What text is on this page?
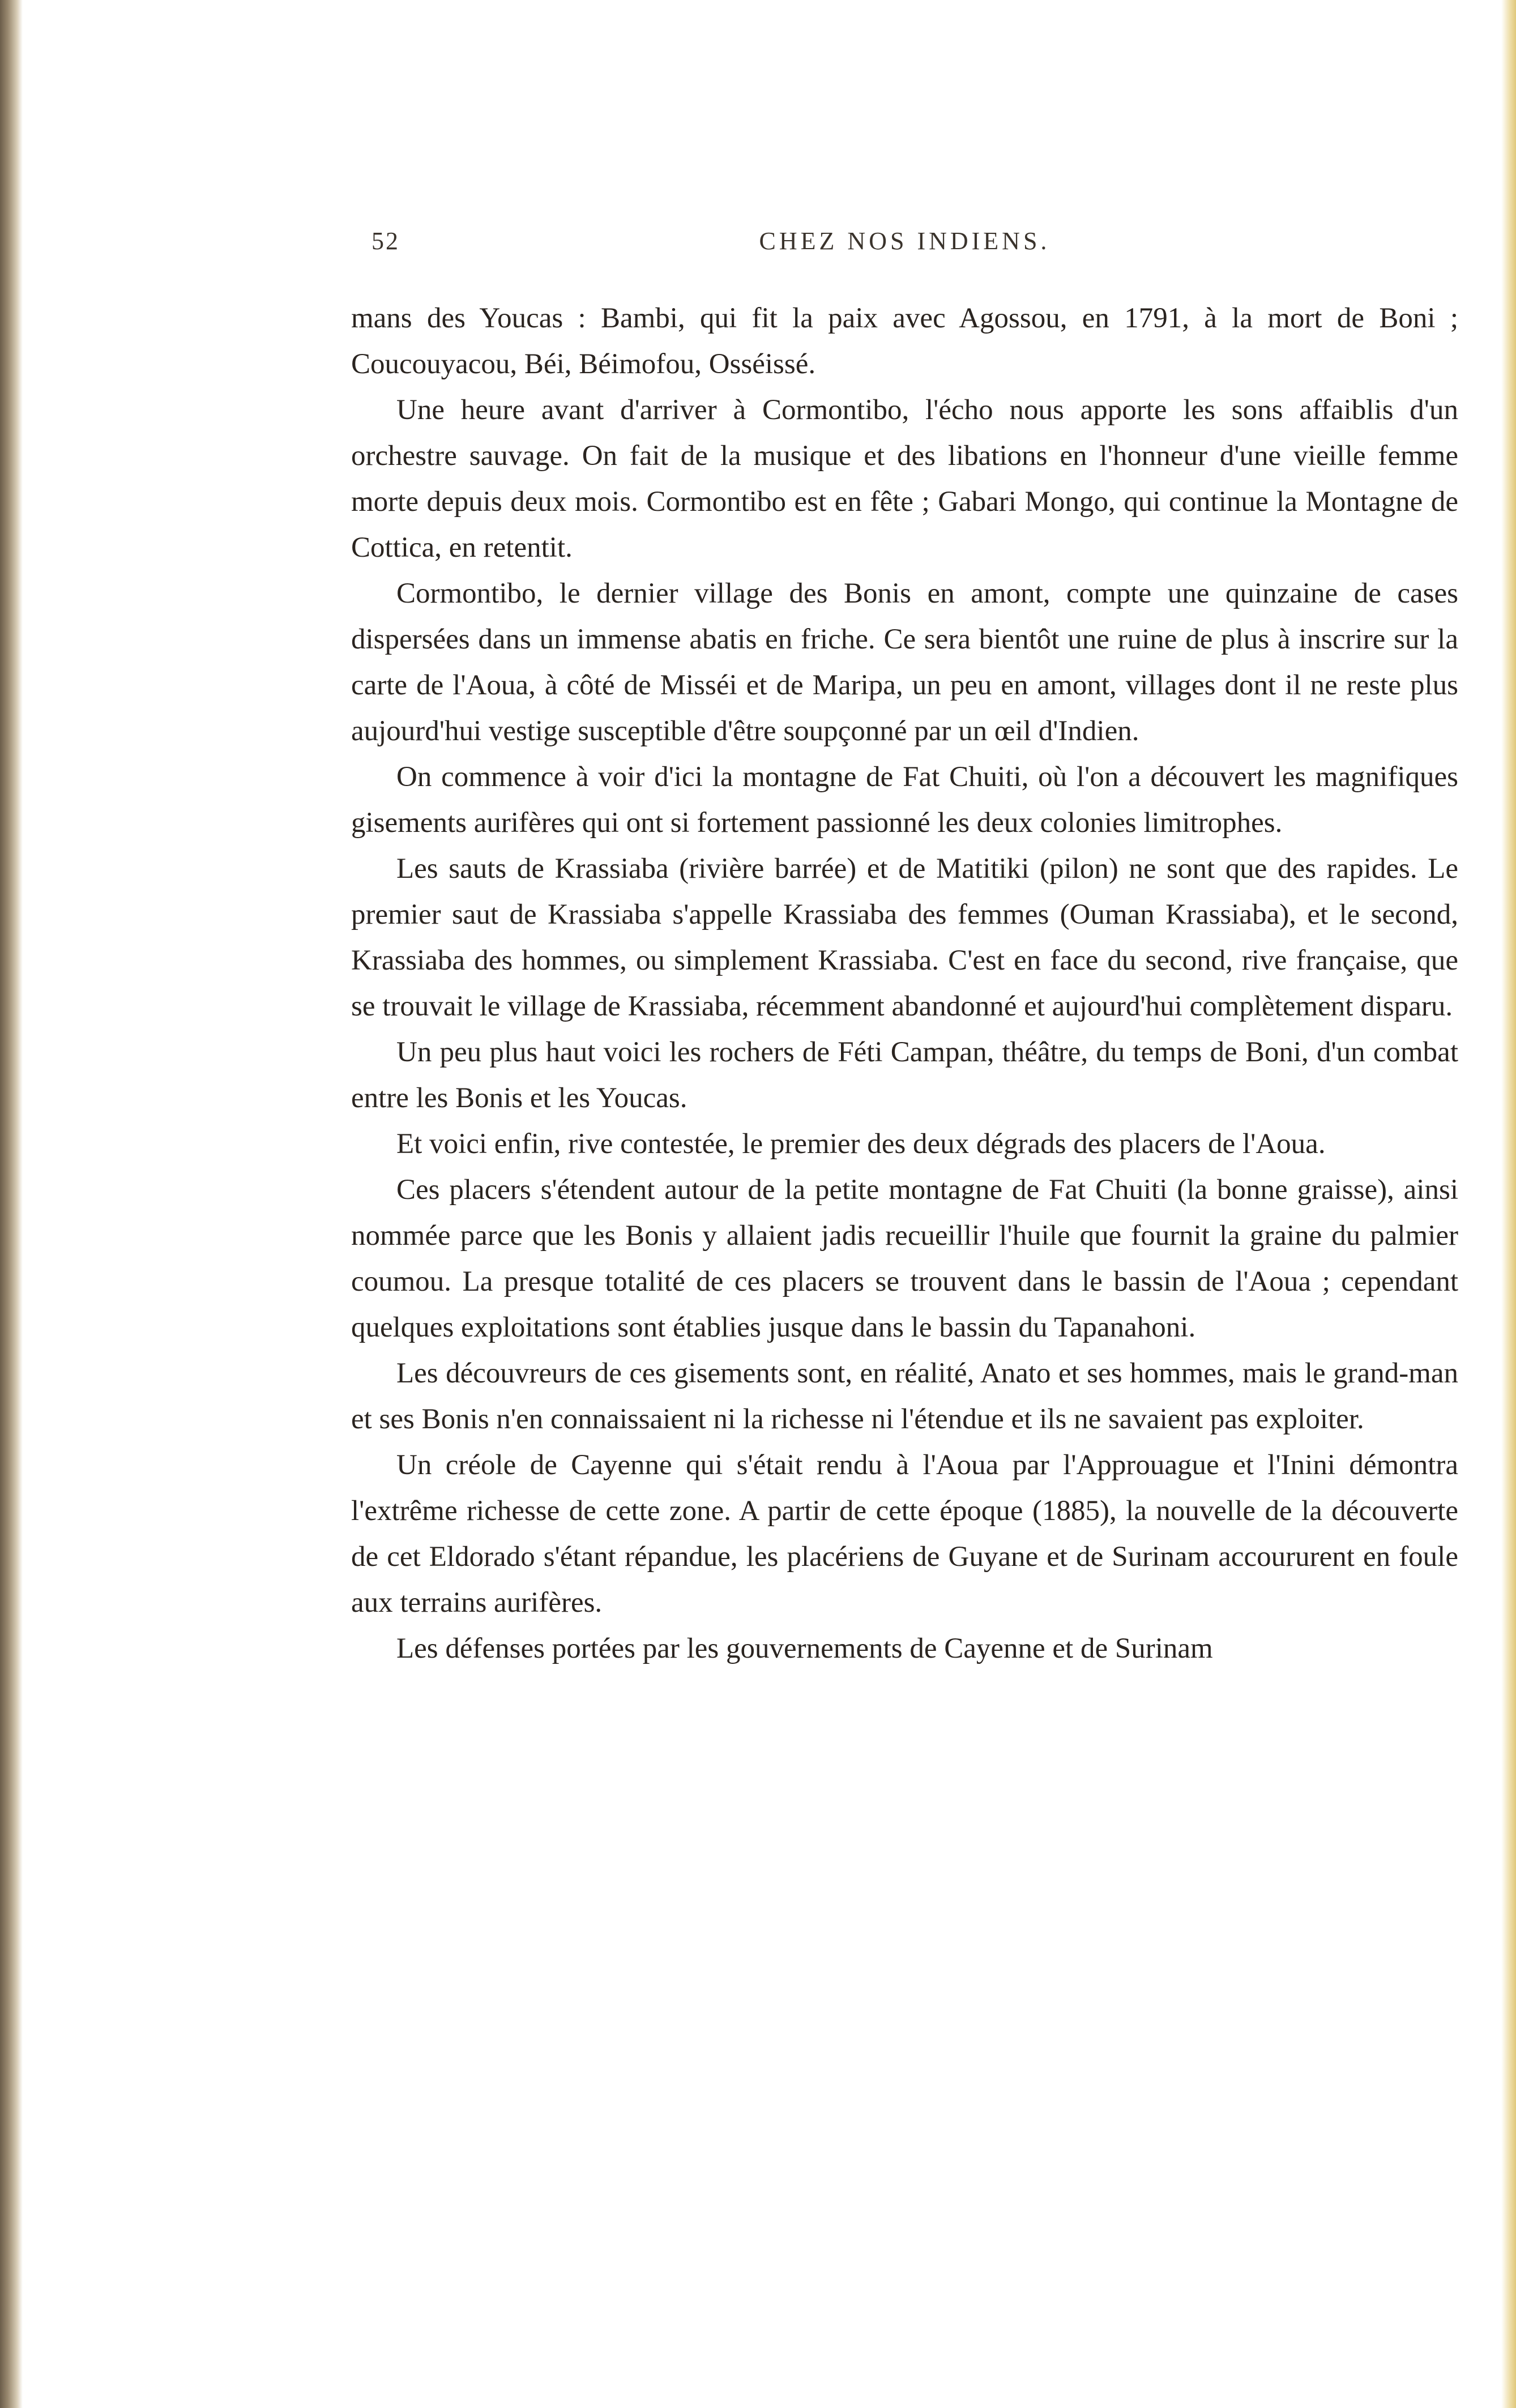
52	CHEZ NOS INDIENS.

mans des Youcas : Bambi, qui fit la paix avec Agossou, en 1791, à la mort de Boni ; Coucouyacou, Béi, Béimofou, Osséissé.

Une heure avant d'arriver à Cormontibo, l'écho nous apporte les sons affaiblis d'un orchestre sauvage. On fait de la musique et des libations en l'honneur d'une vieille femme morte depuis deux mois. Cormontibo est en fête ; Gabari Mongo, qui continue la Montagne de Cottica, en retentit.

Cormontibo, le dernier village des Bonis en amont, compte une quinzaine de cases dispersées dans un immense abatis en friche. Ce sera bientôt une ruine de plus à inscrire sur la carte de l'Aoua, à côté de Misséi et de Maripa, un peu en amont, villages dont il ne reste plus aujourd'hui vestige susceptible d'être soupçonné par un œil d'Indien.

On commence à voir d'ici la montagne de Fat Chuiti, où l'on a découvert les magnifiques gisements aurifères qui ont si fortement passionné les deux colonies limitrophes.

Les sauts de Krassiaba (rivière barrée) et de Matitiki (pilon) ne sont que des rapides. Le premier saut de Krassiaba s'appelle Krassiaba des femmes (Ouman Krassiaba), et le second, Krassiaba des hommes, ou simplement Krassiaba. C'est en face du second, rive française, que se trouvait le village de Krassiaba, récemment abandonné et aujourd'hui complètement disparu.

Un peu plus haut voici les rochers de Féti Campan, théâtre, du temps de Boni, d'un combat entre les Bonis et les Youcas.

Et voici enfin, rive contestée, le premier des deux dégrads des placers de l'Aoua.

Ces placers s'étendent autour de la petite montagne de Fat Chuiti (la bonne graisse), ainsi nommée parce que les Bonis y allaient jadis recueillir l'huile que fournit la graine du palmier coumou. La presque totalité de ces placers se trouvent dans le bassin de l'Aoua ; cependant quelques exploitations sont établies jusque dans le bassin du Tapanahoni.

Les découvreurs de ces gisements sont, en réalité, Anato et ses hommes, mais le grand-man et ses Bonis n'en connaissaient ni la richesse ni l'étendue et ils ne savaient pas exploiter.

Un créole de Cayenne qui s'était rendu à l'Aoua par l'Approuague et l'Inini démontra l'extrême richesse de cette zone. A partir de cette époque (1885), la nouvelle de la découverte de cet Eldorado s'étant répandue, les placériens de Guyane et de Surinam accoururent en foule aux terrains aurifères.

Les défenses portées par les gouvernements de Cayenne et de Surinam
